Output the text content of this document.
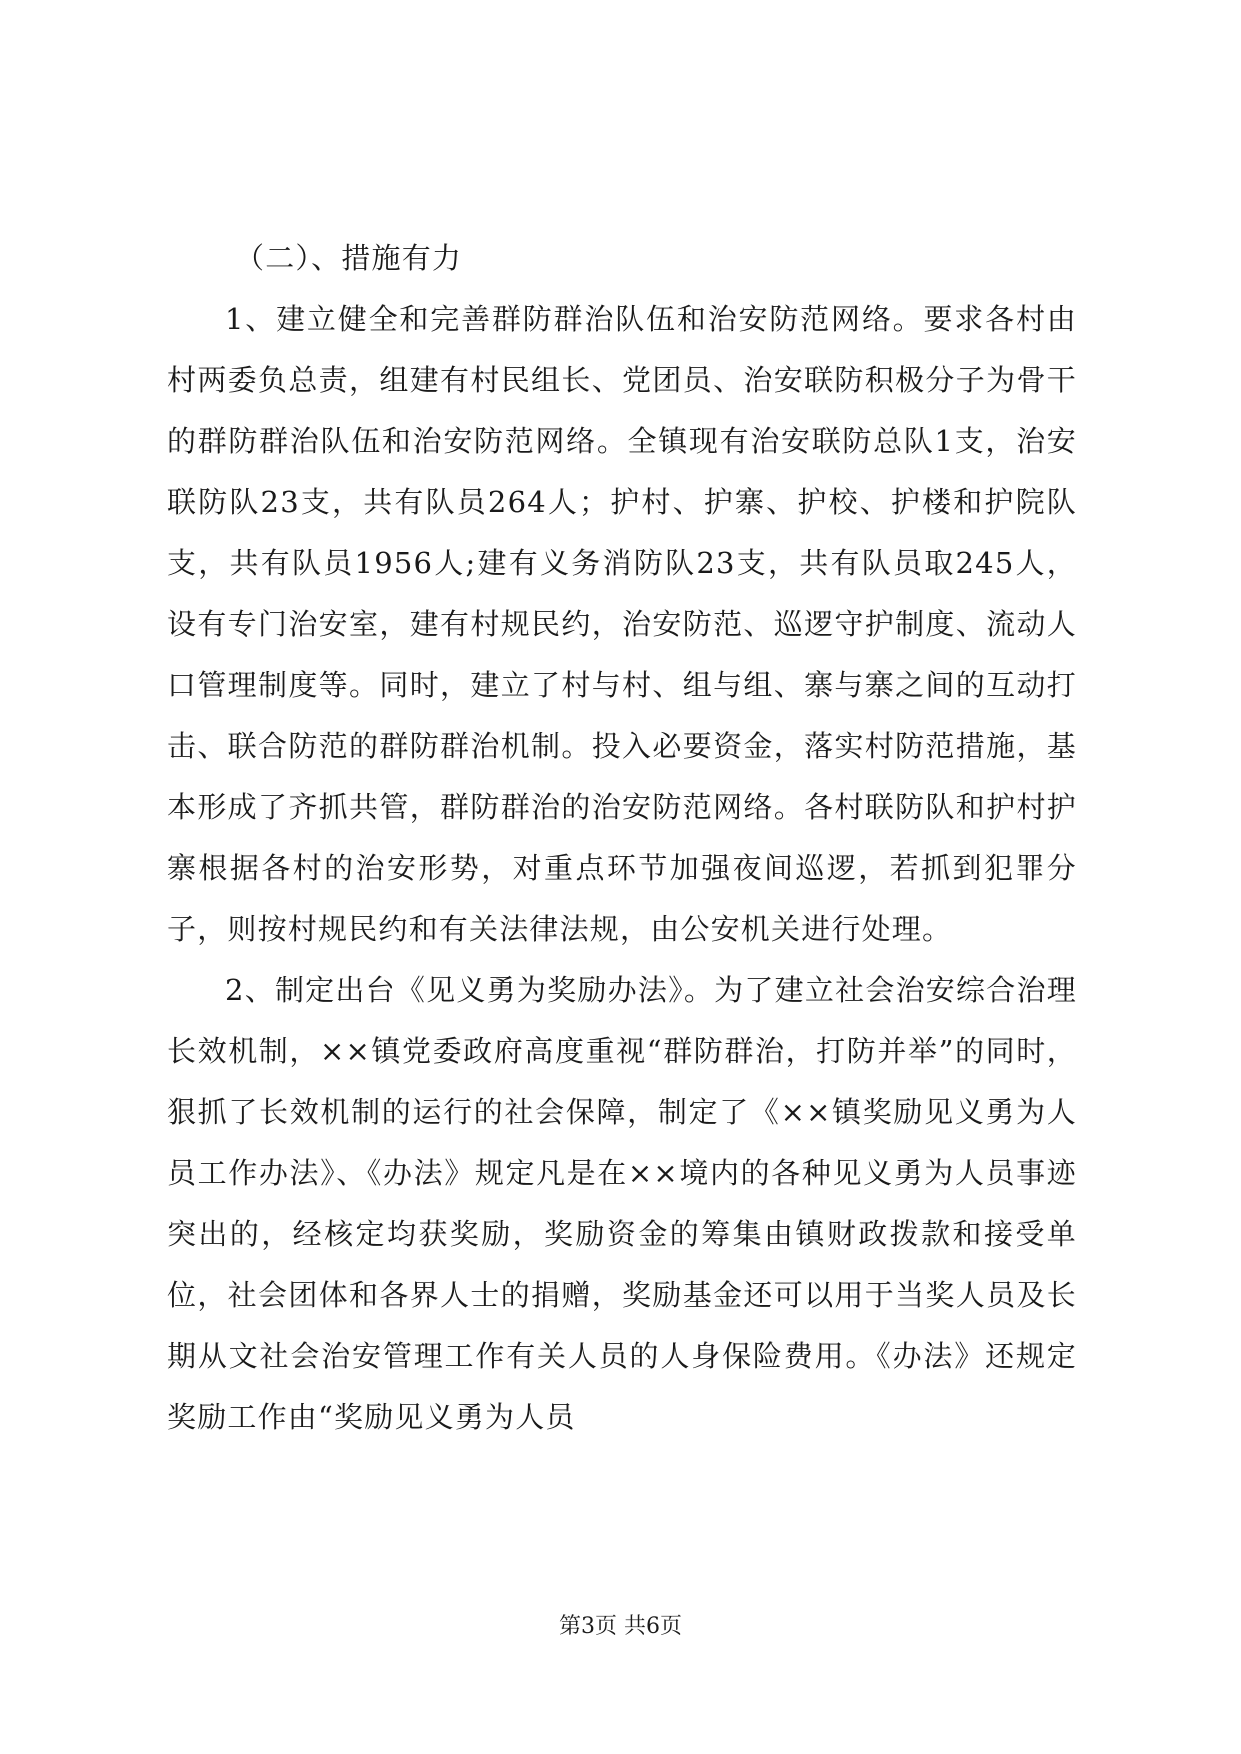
（二）、措施有力

1、建立健全和完善群防群治队伍和治安防范网络。要求各村由村两委负总责，组建有村民组长、党团员、治安联防积极分子为骨干的群防群治队伍和治安防范网络。全镇现有治安联防总队1支，治安联防队23支，共有队员264人；护村、护寨、护校、护楼和护院队支，共有队员1956人;建有义务消防队23支，共有队员取245人，设有专门治安室，建有村规民约，治安防范、巡逻守护制度、流动人口管理制度等。同时，建立了村与村、组与组、寨与寨之间的互动打击、联合防范的群防群治机制。投入必要资金，落实村防范措施，基本形成了齐抓共管，群防群治的治安防范网络。各村联防队和护村护寨根据各村的治安形势，对重点环节加强夜间巡逻，若抓到犯罪分子，则按村规民约和有关法律法规，由公安机关进行处理。

2、制定出台《见义勇为奖励办法》。为了建立社会治安综合治理长效机制，××镇党委政府高度重视“群防群治，打防并举”的同时，狠抓了长效机制的运行的社会保障，制定了《××镇奖励见义勇为人员工作办法》、《办法》规定凡是在××境内的各种见义勇为人员事迹突出的，经核定均获奖励，奖励资金的筹集由镇财政拨款和接受单位，社会团体和各界人士的捐赠，奖励基金还可以用于当奖人员及长期从文社会治安管理工作有关人员的人身保险费用。《办法》还规定奖励工作由“奖励见义勇为人员

第3页 共6页
